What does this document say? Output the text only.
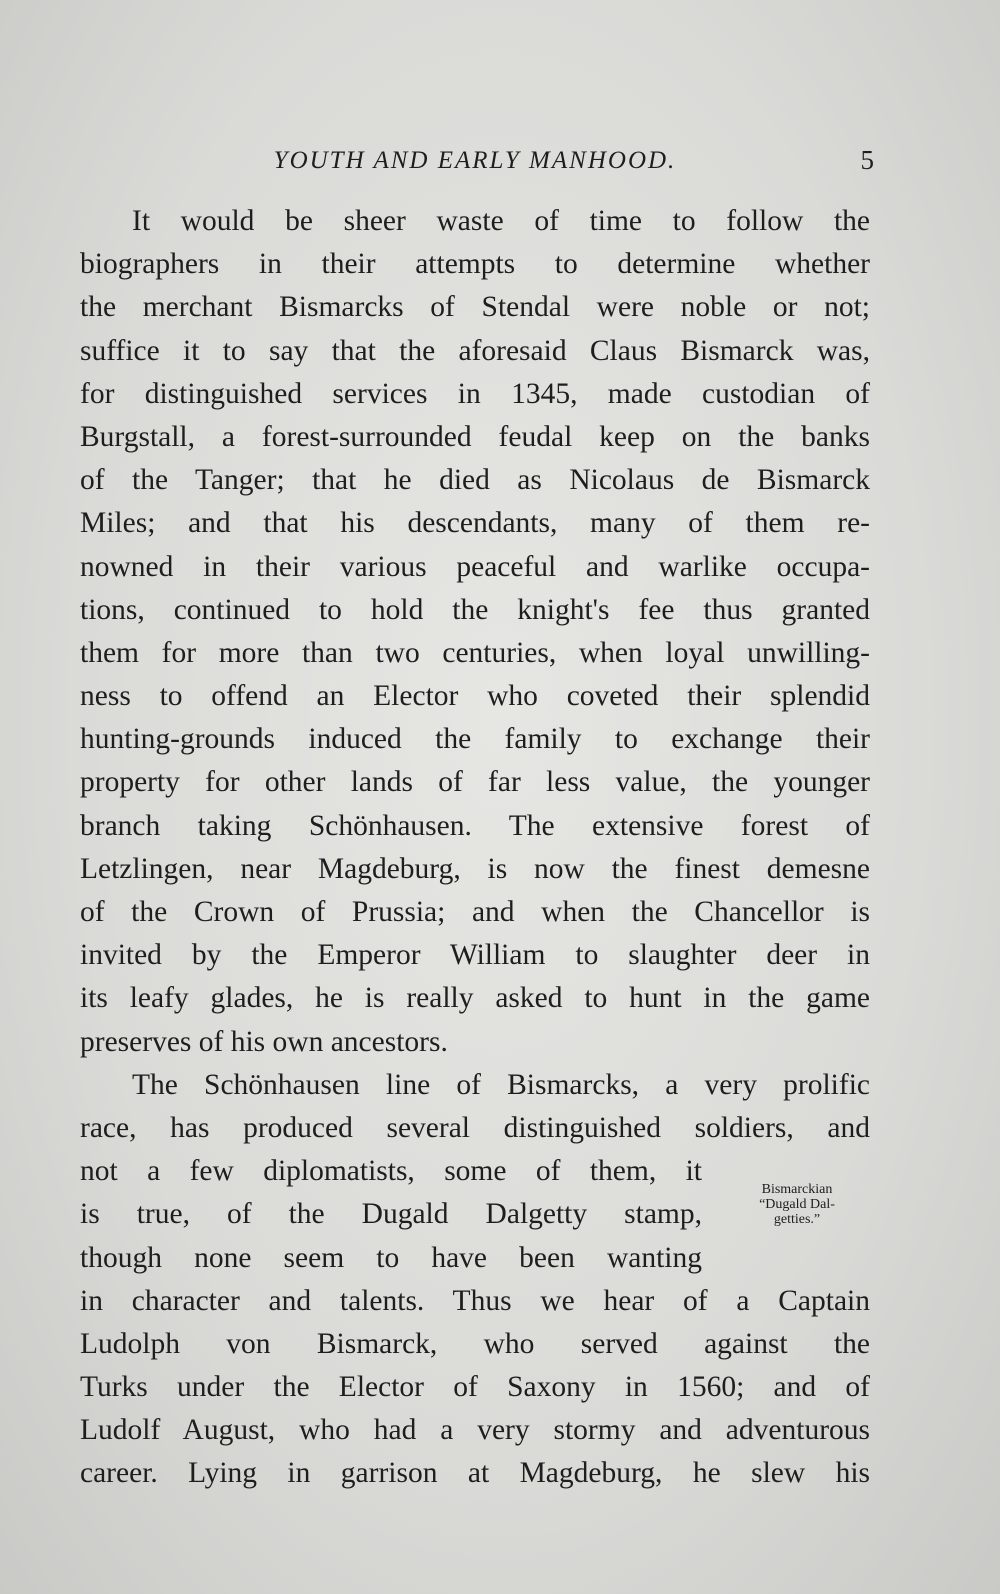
YOUTH AND EARLY MANHOOD.	5
It would be sheer waste of time to follow the
biographers in their attempts to determine whether
the merchant Bismarcks of Stendal were noble or not;
suffice it to say that the aforesaid Claus Bismarck was,
for distinguished services in 1345, made custodian of
Burgstall, a forest-surrounded feudal keep on the banks
of the Tanger; that he died as Nicolaus de Bismarck
Miles; and that his descendants, many of them re-
nowned in their various peaceful and warlike occupa-
tions, continued to hold the knight's fee thus granted
them for more than two centuries, when loyal unwilling-
ness to offend an Elector who coveted their splendid
hunting-grounds induced the family to exchange their
property for other lands of far less value, the younger
branch taking Schönhausen. The extensive forest of
Letzlingen, near Magdeburg, is now the finest demesne
of the Crown of Prussia; and when the Chancellor is
invited by the Emperor William to slaughter deer in
its leafy glades, he is really asked to hunt in the game
preserves of his own ancestors.
The Schönhausen line of Bismarcks, a very prolific
race, has produced several distinguished soldiers, and
not a few diplomatists, some of them, it
is true, of the Dugald Dalgetty stamp,
though none seem to have been wanting
in character and talents. Thus we hear of a Captain
Ludolph von Bismarck, who served against the
Turks under the Elector of Saxony in 1560; and of
Ludolf August, who had a very stormy and adventurous
career. Lying in garrison at Magdeburg, he slew his
Bismarckian
“Dugald Dal-
getties.”
